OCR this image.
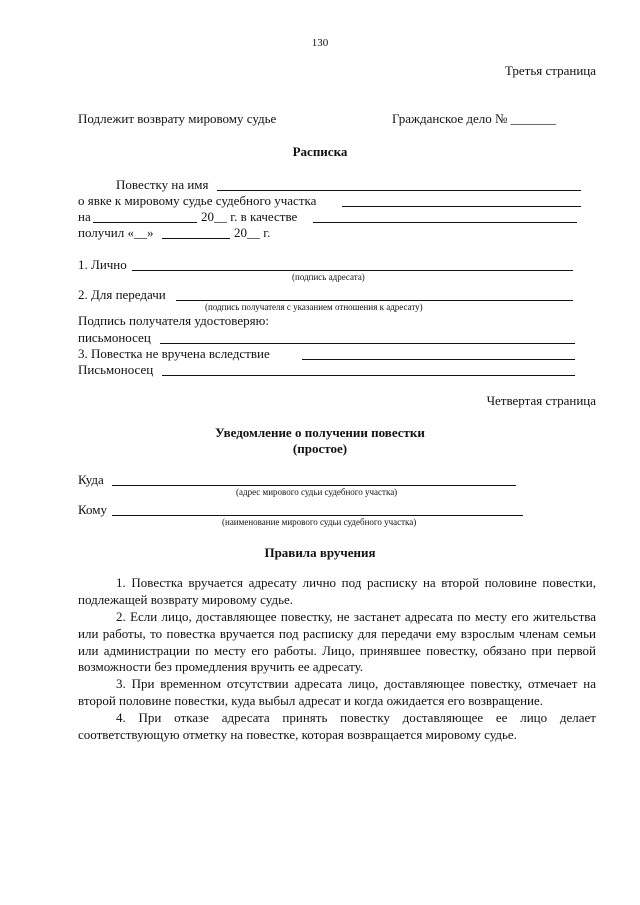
130
Третья страница
Подлежит возврату мировому судье	Гражданское дело № _______
Расписка
Повестку на имя
о явке к мировому судье судебного участка
на	20__ г. в качестве
получил «__»	20__ г.
1. Лично
(подпись адресата)
2. Для передачи
(подпись получателя с указанием отношения к адресату)
Подпись получателя удостоверяю:
письмоносец
3. Повестка не вручена вследствие
Письмоносец
Четвертая страница
Уведомление о получении повестки
(простое)
Куда
(адрес мирового судьи судебного участка)
Кому
(наименование мирового судьи судебного участка)
Правила вручения
1. Повестка вручается адресату лично под расписку на второй половине повестки, подлежащей возврату мировому судье.
2. Если лицо, доставляющее повестку, не застанет адресата по месту его жительства или работы, то повестка вручается под расписку для передачи ему взрослым членам семьи или администрации по месту его работы. Лицо, принявшее повестку, обязано при первой возможности без промедления вручить ее адресату.
3. При временном отсутствии адресата лицо, доставляющее повестку, отмечает на второй половине повестки, куда выбыл адресат и когда ожидается его возвращение.
4. При отказе адресата принять повестку доставляющее ее лицо делает соответствующую отметку на повестке, которая возвращается мировому судье.
